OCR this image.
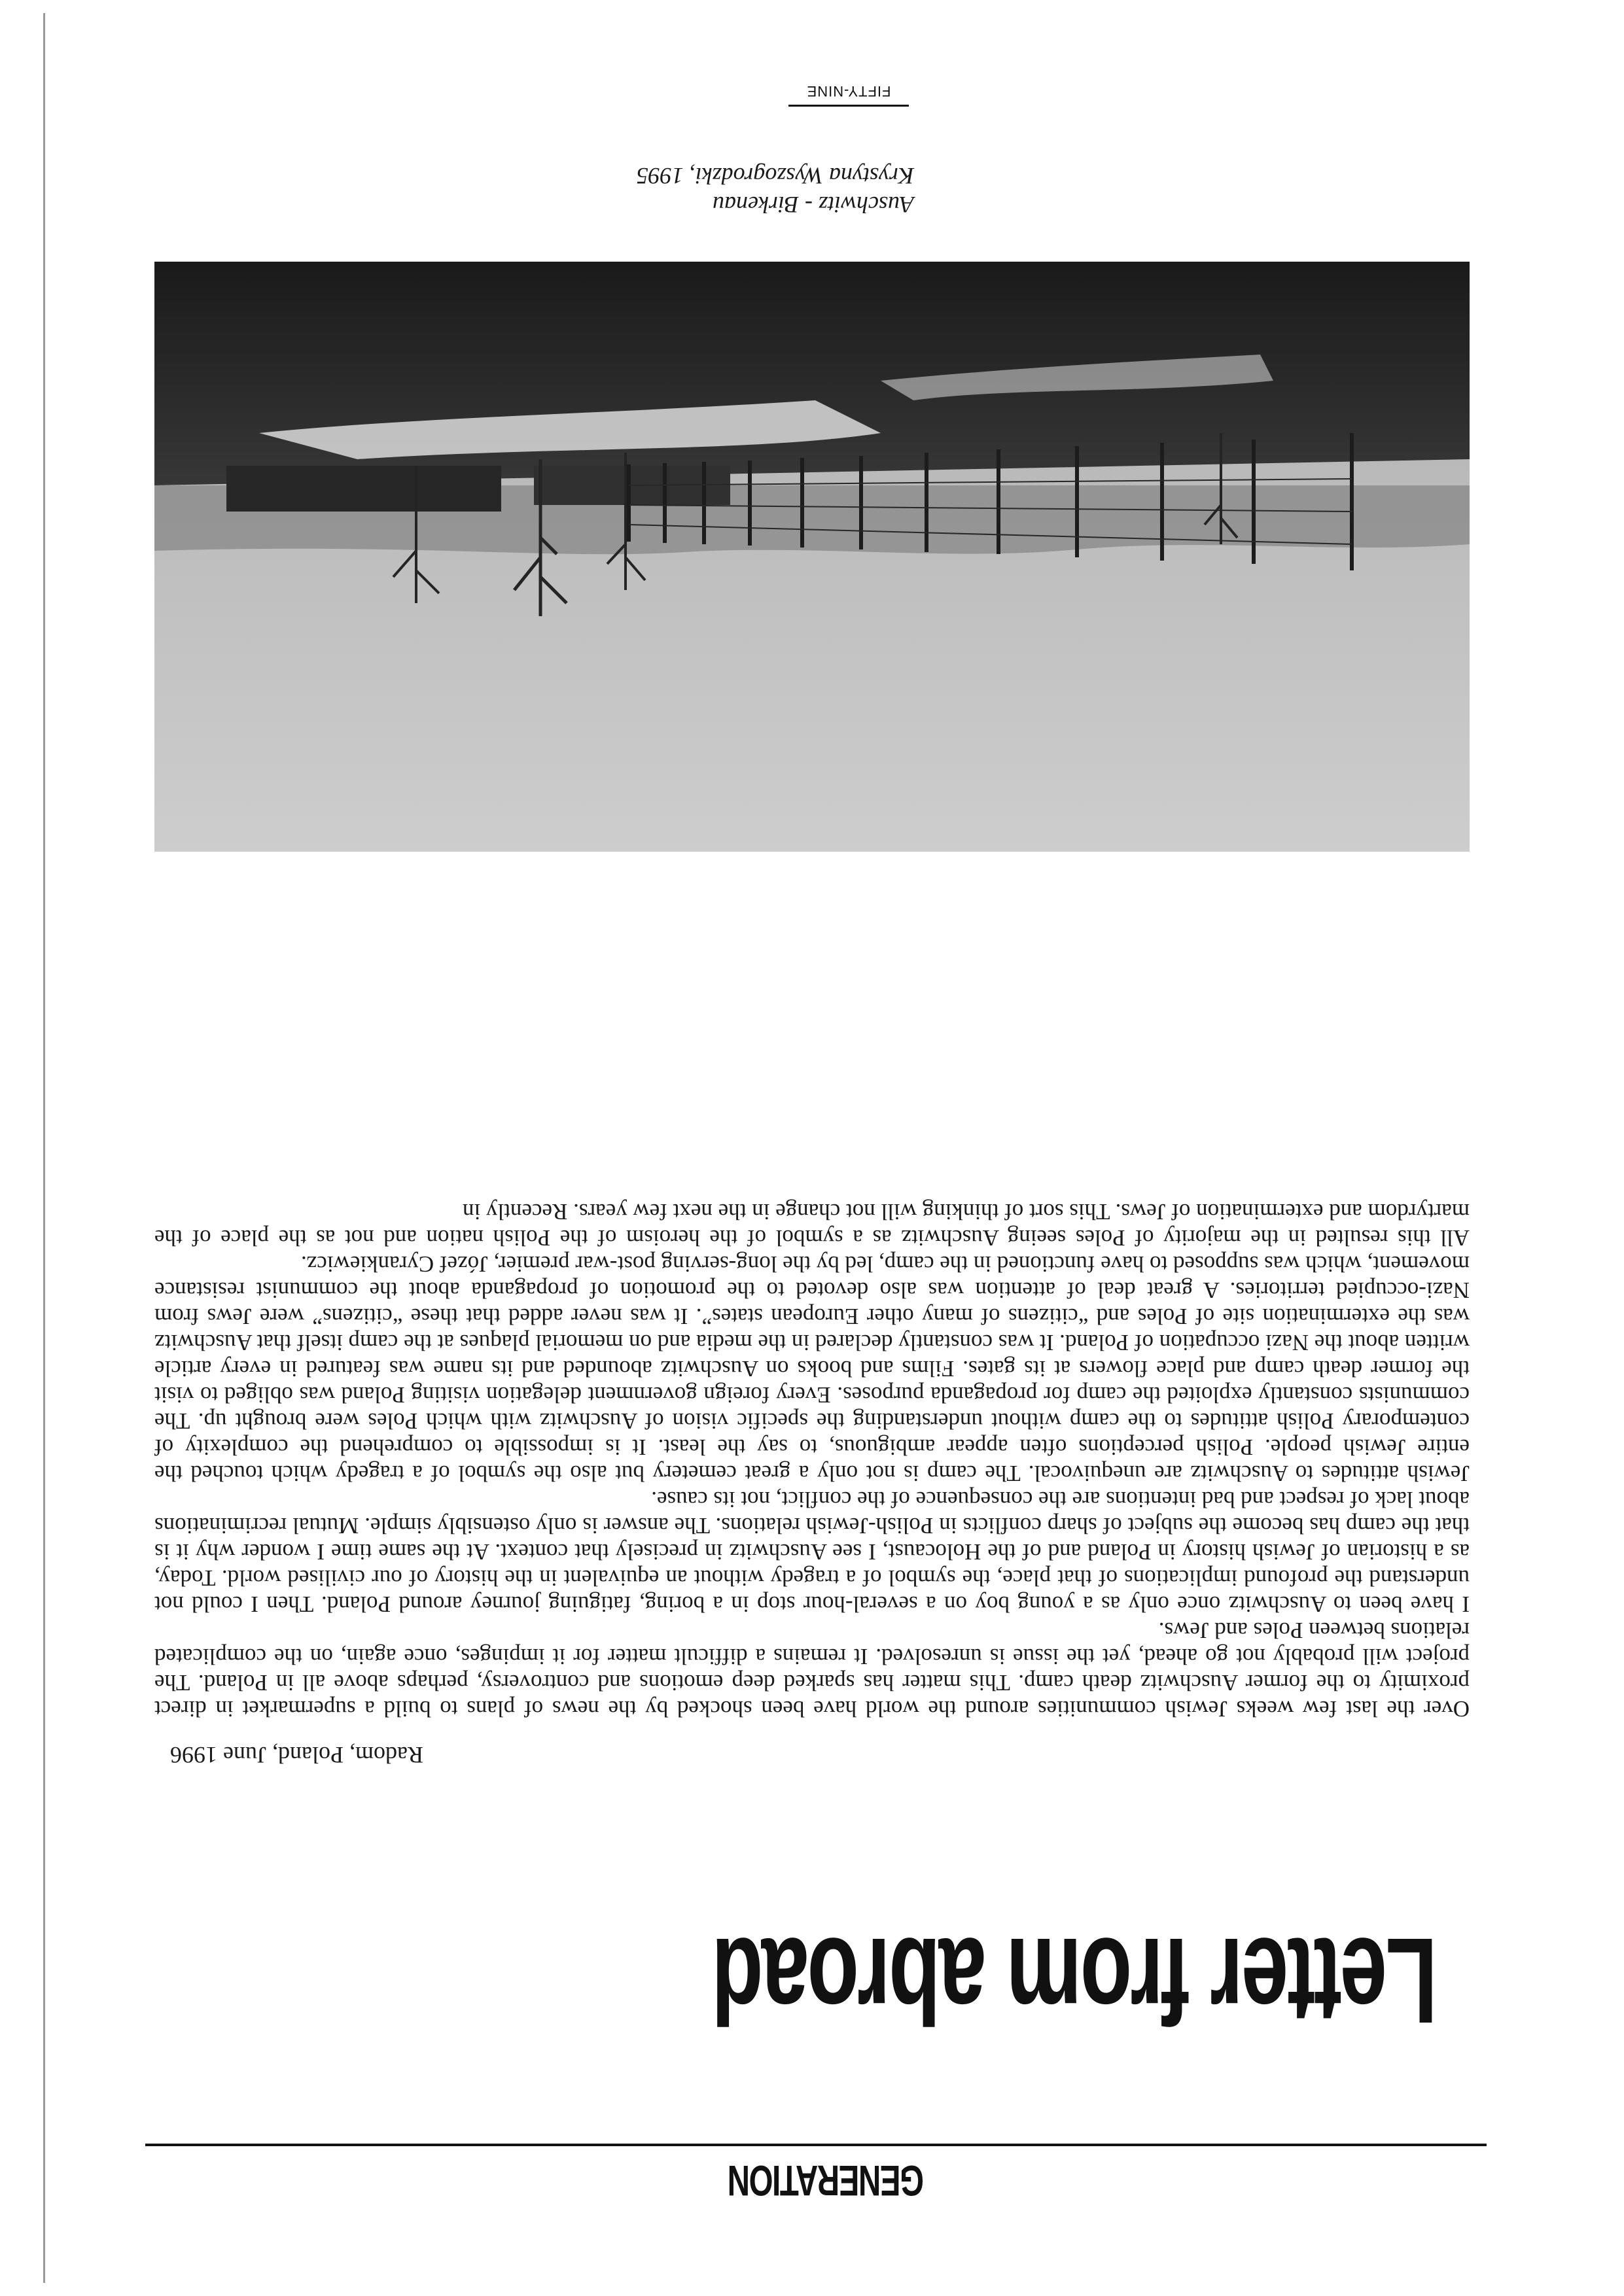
GENERATION
Letter from abroad
Radom, Poland, June 1996

Over the last few weeks Jewish communities around the world have been shocked by the news of plans to build a supermarket in direct proximity to the former Auschwitz death camp. This matter has sparked deep emotions and controversy, perhaps above all in Poland. The project will probably not go ahead, yet the issue is unresolved. It remains a difficult matter for it impinges, once again, on the complicated relations between Poles and Jews.

I have been to Auschwitz once only as a young boy on a several-hour stop in a boring, fatiguing journey around Poland. Then I could not understand the profound implications of that place, the symbol of a tragedy without an equivalent in the history of our civilised world. Today, as a historian of Jewish history in Poland and of the Holocaust, I see Auschwitz in precisely that context. At the same time I wonder why it is that the camp has become the subject of sharp conflicts in Polish-Jewish relations. The answer is only ostensibly simple. Mutual recriminations about lack of respect and bad intentions are the consequence of the conflict, not its cause.

Jewish attitudes to Auschwitz are unequivocal. The camp is not only a great cemetery but also the symbol of a tragedy which touched the entire Jewish people. Polish perceptions often appear ambiguous, to say the least. It is impossible to comprehend the complexity of contemporary Polish attitudes to the camp without understanding the specific vision of Auschwitz with which Poles were brought up. The communists constantly exploited the camp for propaganda purposes. Every foreign government delegation visiting Poland was obliged to visit the former death camp and place flowers at its gates. Films and books on Auschwitz abounded and its name was featured in every article written about the Nazi occupation of Poland. It was constantly declared in the media and on memorial plaques at the camp itself that Auschwitz was the extermination site of Poles and “citizens of many other European states”. It was never added that these “citizens” were Jews from Nazi-occupied territories. A great deal of attention was also devoted to the promotion of propaganda about the communist resistance movement, which was supposed to have functioned in the camp, led by the long-serving post-war premier, Józef Cyrankiewicz.

All this resulted in the majority of Poles seeing Auschwitz as a symbol of the heroism of the Polish nation and not as the place of the martyrdom and extermination of Jews. This sort of thinking will not change in the next few years. Recently in

Auschwitz - Birkenau
Krystyna Wyszogrodzki, 1995
FIFTY-NINE
